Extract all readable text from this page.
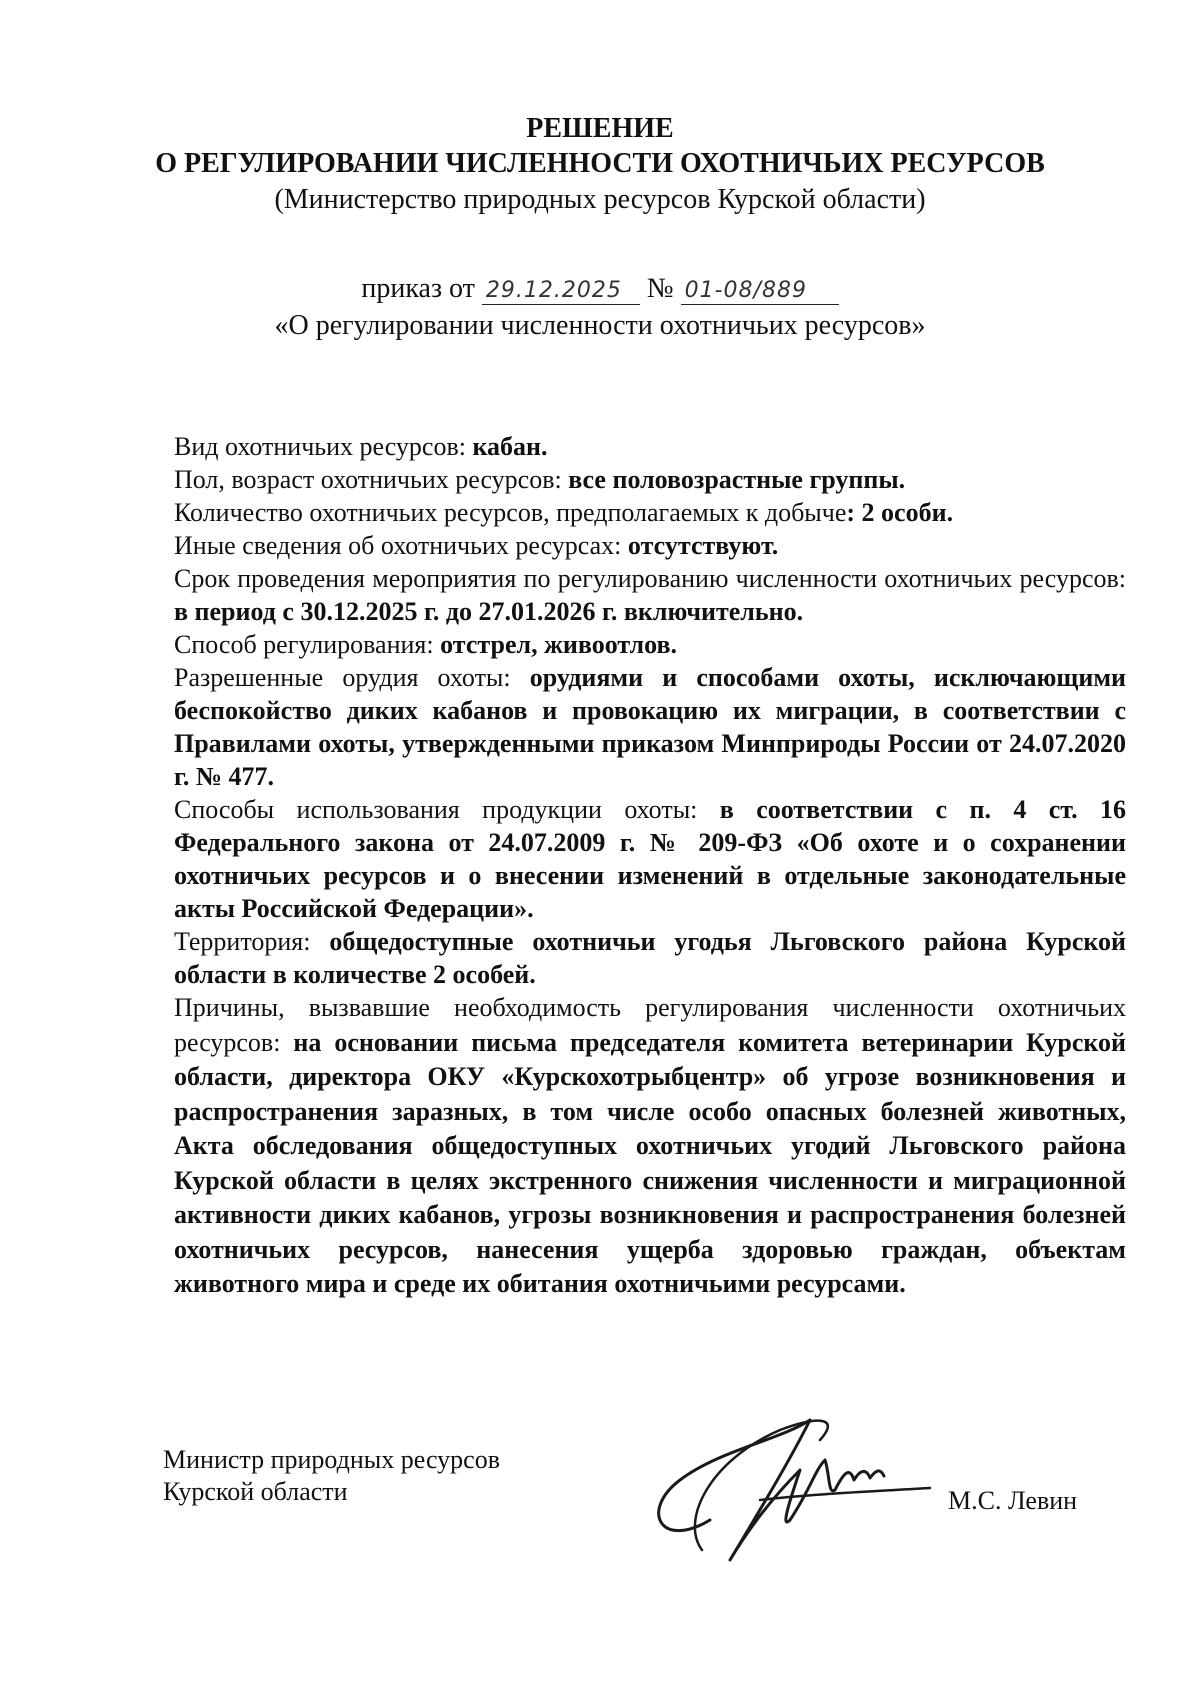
РЕШЕНИЕ
О РЕГУЛИРОВАНИИ ЧИСЛЕННОСТИ ОХОТНИЧЬИХ РЕСУРСОВ
(Министерство природных ресурсов Курской области)
приказ от 29.12.2025 № 01-08/889
«О регулировании численности охотничьих ресурсов»

Вид охотничьих ресурсов: кабан.

Пол, возраст охотничьих ресурсов: все половозрастные группы.

Количество охотничьих ресурсов, предполагаемых к добыче: 2 особи.

Иные сведения об охотничьих ресурсах: отсутствуют.

Срок проведения мероприятия по регулированию численности охотничьих ресурсов: в период с 30.12.2025 г. до 27.01.2026 г. включительно.

Способ регулирования: отстрел, живоотлов.

Разрешенные орудия охоты: орудиями и способами охоты, исключающими беспокойство диких кабанов и провокацию их миграции, в соответствии с Правилами охоты, утвержденными приказом Минприроды России от 24.07.2020 г. № 477.

Способы использования продукции охоты: в соответствии с п. 4 ст. 16 Федерального закона от 24.07.2009 г. № 209-ФЗ «Об охоте и о сохранении охотничьих ресурсов и о внесении изменений в отдельные законодательные акты Российской Федерации».

Территория: общедоступные охотничьи угодья Льговского района Курской области в количестве 2 особей.

Причины, вызвавшие необходимость регулирования численности охотничьих ресурсов: на основании письма председателя комитета ветеринарии Курской области, директора ОКУ «Курскохотрыбцентр» об угрозе возникновения и распространения заразных, в том числе особо опасных болезней животных, Акта обследования общедоступных охотничьих угодий Льговского района Курской области в целях экстренного снижения численности и миграционной активности диких кабанов, угрозы возникновения и распространения болезней охотничьих ресурсов, нанесения ущерба здоровью граждан, объектам животного мира и среде их обитания охотничьими ресурсами.

Министр природных ресурсов
Курской области	М.С. Левин
